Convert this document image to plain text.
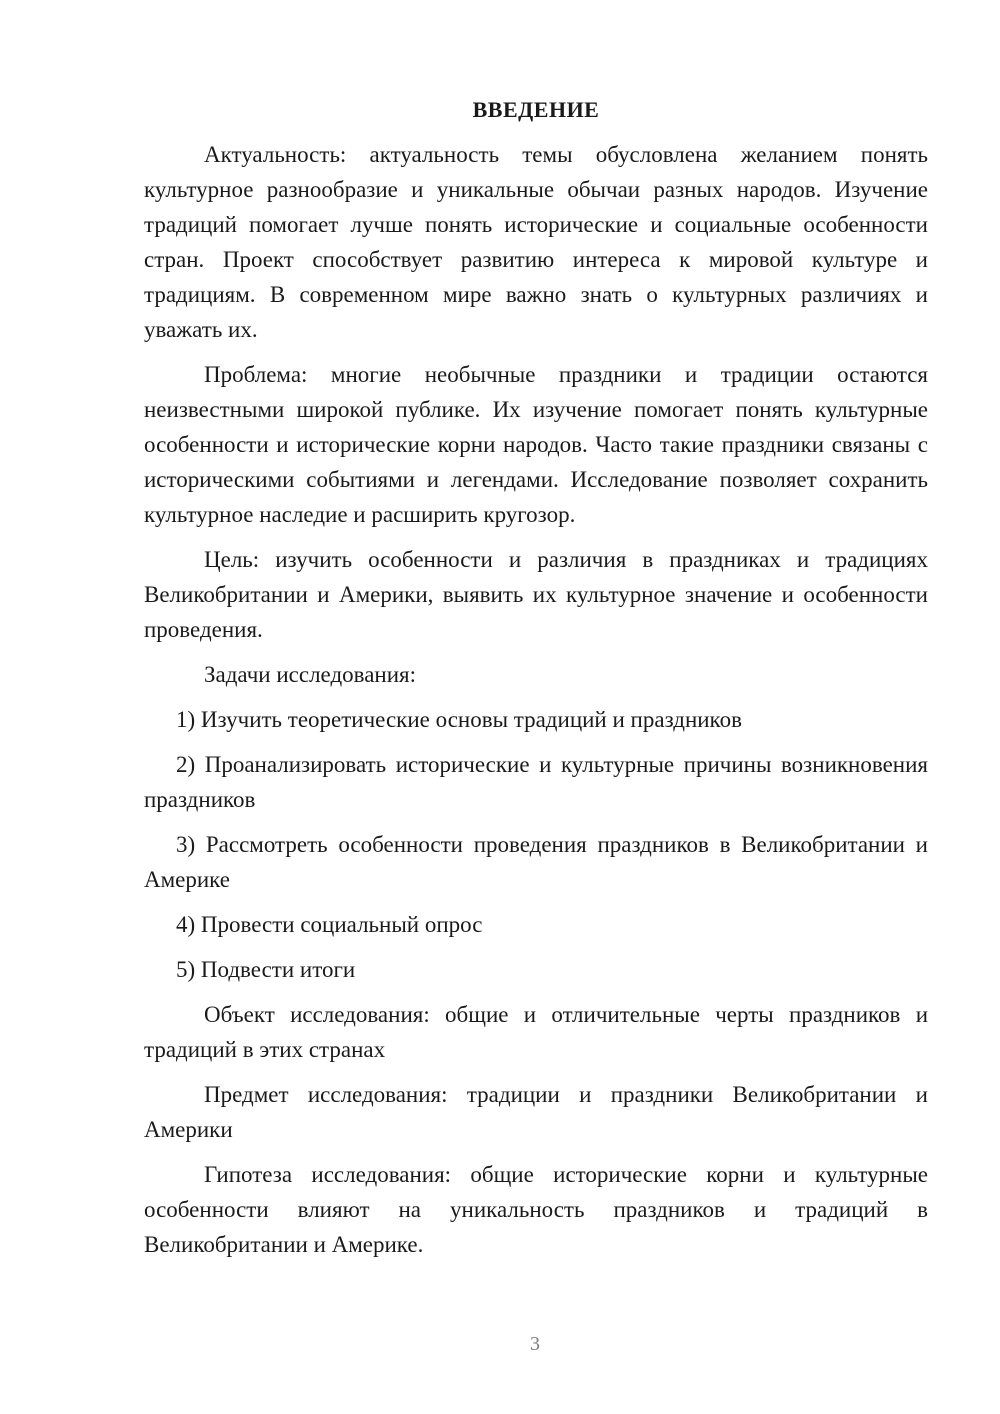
ВВЕДЕНИЕ

Актуальность: актуальность темы обусловлена желанием понять культурное разнообразие и уникальные обычаи разных народов. Изучение традиций помогает лучше понять исторические и социальные особенности стран. Проект способствует развитию интереса к мировой культуре и традициям. В современном мире важно знать о культурных различиях и уважать их.

Проблема: многие необычные праздники и традиции остаются неизвестными широкой публике. Их изучение помогает понять культурные особенности и исторические корни народов. Часто такие праздники связаны с историческими событиями и легендами. Исследование позволяет сохранить культурное наследие и расширить кругозор.

Цель: изучить особенности и различия в праздниках и традициях Великобритании и Америки, выявить их культурное значение и особенности проведения.

Задачи исследования:

1) Изучить теоретические основы традиций и праздников

2) Проанализировать исторические и культурные причины возникновения праздников

3) Рассмотреть особенности проведения праздников в Великобритании и Америке

4) Провести социальный опрос

5) Подвести итоги

Объект исследования: общие и отличительные черты праздников и традиций в этих странах

Предмет исследования: традиции и праздники Великобритании и Америки

Гипотеза исследования: общие исторические корни и культурные особенности влияют на уникальность праздников и традиций в Великобритании и Америке.

3
